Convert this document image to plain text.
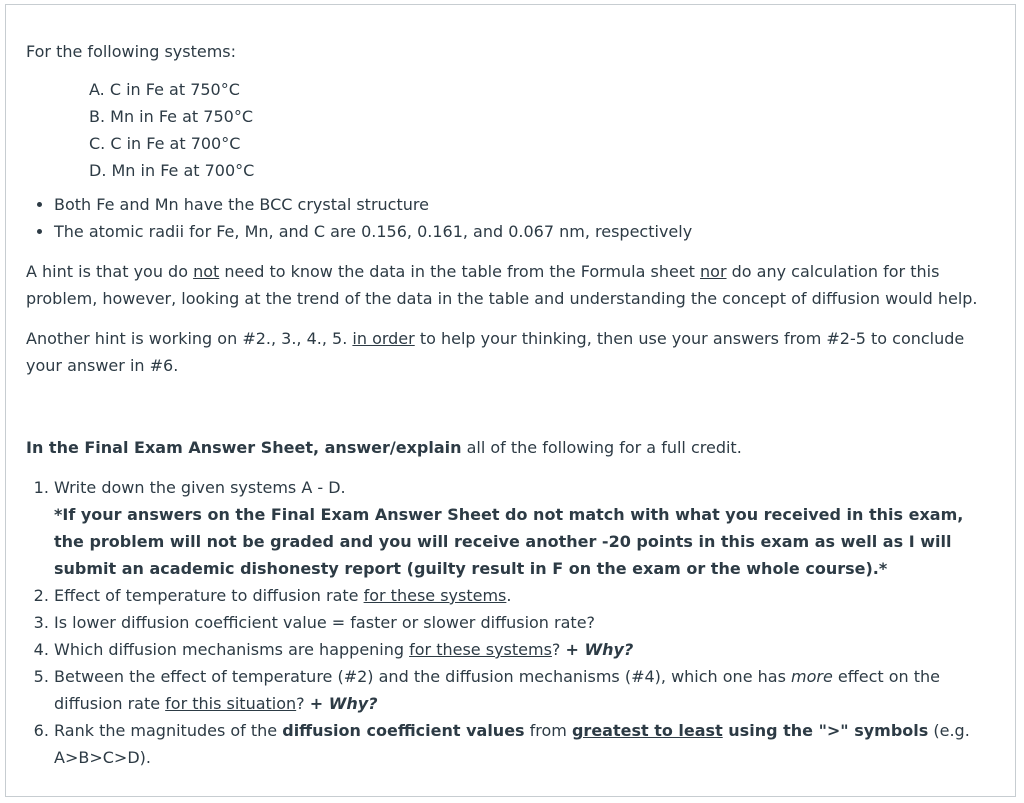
For the following systems:

A. C in Fe at 750°C
B. Mn in Fe at 750°C
C. C in Fe at 700°C
D. Mn in Fe at 700°C
• Both Fe and Mn have the BCC crystal structure
• The atomic radii for Fe, Mn, and C are 0.156, 0.161, and 0.067 nm, respectively

A hint is that you do not need to know the data in the table from the Formula sheet nor do any calculation for this problem, however, looking at the trend of the data in the table and understanding the concept of diffusion would help.

Another hint is working on #2., 3., 4., 5. in order to help your thinking, then use your answers from #2-5 to conclude your answer in #6.

In the Final Exam Answer Sheet, answer/explain all of the following for a full credit.

1. Write down the given systems A - D.
*If your answers on the Final Exam Answer Sheet do not match with what you received in this exam, the problem will not be graded and you will receive another -20 points in this exam as well as I will submit an academic dishonesty report (guilty result in F on the exam or the whole course).*
2. Effect of temperature to diffusion rate for these systems.
3. Is lower diffusion coefficient value = faster or slower diffusion rate?
4. Which diffusion mechanisms are happening for these systems? + Why?
5. Between the effect of temperature (#2) and the diffusion mechanisms (#4), which one has more effect on the diffusion rate for this situation? + Why?
6. Rank the magnitudes of the diffusion coefficient values from greatest to least using the ">" symbols (e.g. A>B>C>D).
